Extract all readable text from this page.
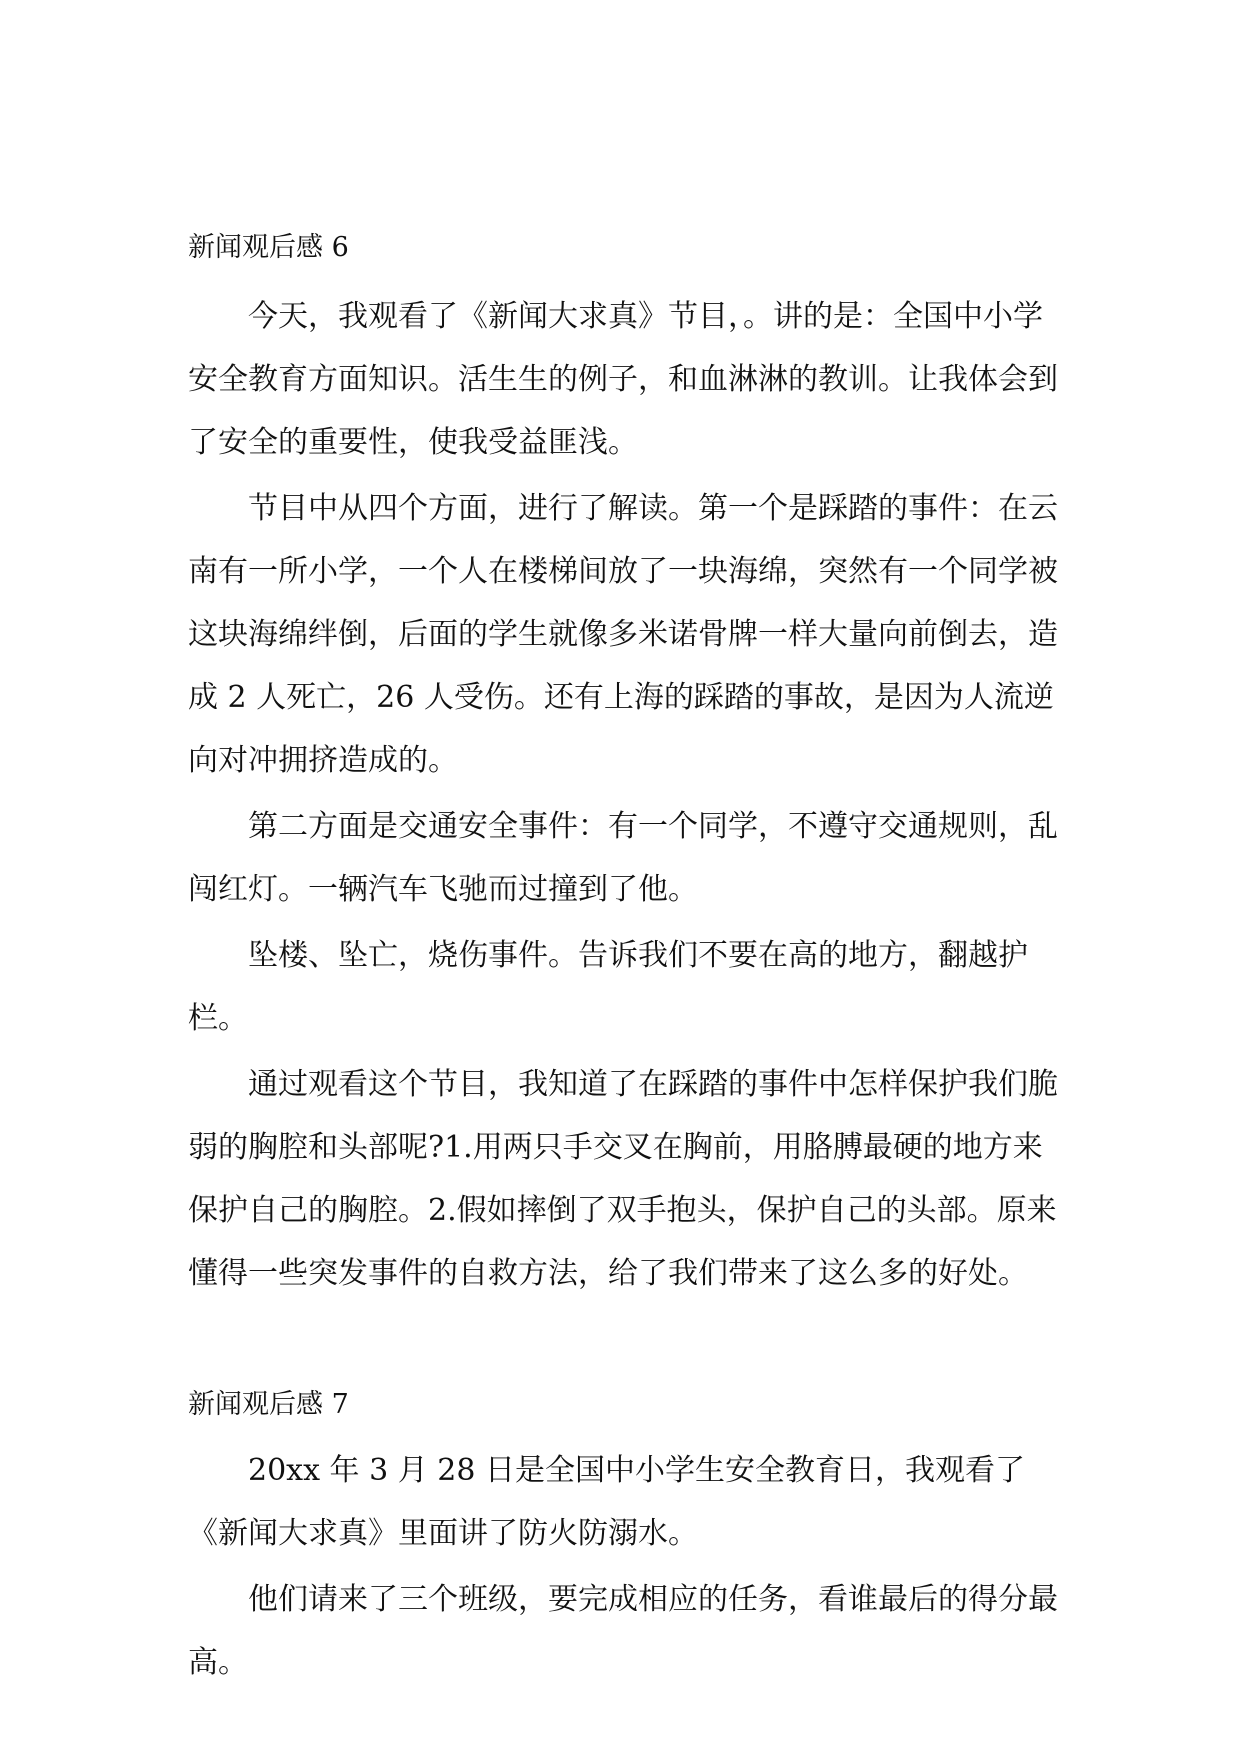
新闻观后感 6

今天，我观看了《新闻大求真》节目，。讲的是：全国中小学安全教育方面知识。活生生的例子，和血淋淋的教训。让我体会到了安全的重要性，使我受益匪浅。

节目中从四个方面，进行了解读。第一个是踩踏的事件：在云南有一所小学，一个人在楼梯间放了一块海绵，突然有一个同学被这块海绵绊倒，后面的学生就像多米诺骨牌一样大量向前倒去，造成 2 人死亡，26 人受伤。还有上海的踩踏的事故，是因为人流逆向对冲拥挤造成的。

第二方面是交通安全事件：有一个同学，不遵守交通规则，乱闯红灯。一辆汽车飞驰而过撞到了他。

坠楼、坠亡，烧伤事件。告诉我们不要在高的地方，翻越护栏。

通过观看这个节目，我知道了在踩踏的事件中怎样保护我们脆弱的胸腔和头部呢?1.用两只手交叉在胸前，用胳膊最硬的地方来保护自己的胸腔。2.假如摔倒了双手抱头，保护自己的头部。原来懂得一些突发事件的自救方法，给了我们带来了这么多的好处。

新闻观后感 7

20xx 年 3 月 28 日是全国中小学生安全教育日，我观看了《新闻大求真》里面讲了防火防溺水。

他们请来了三个班级，要完成相应的任务，看谁最后的得分最高。
